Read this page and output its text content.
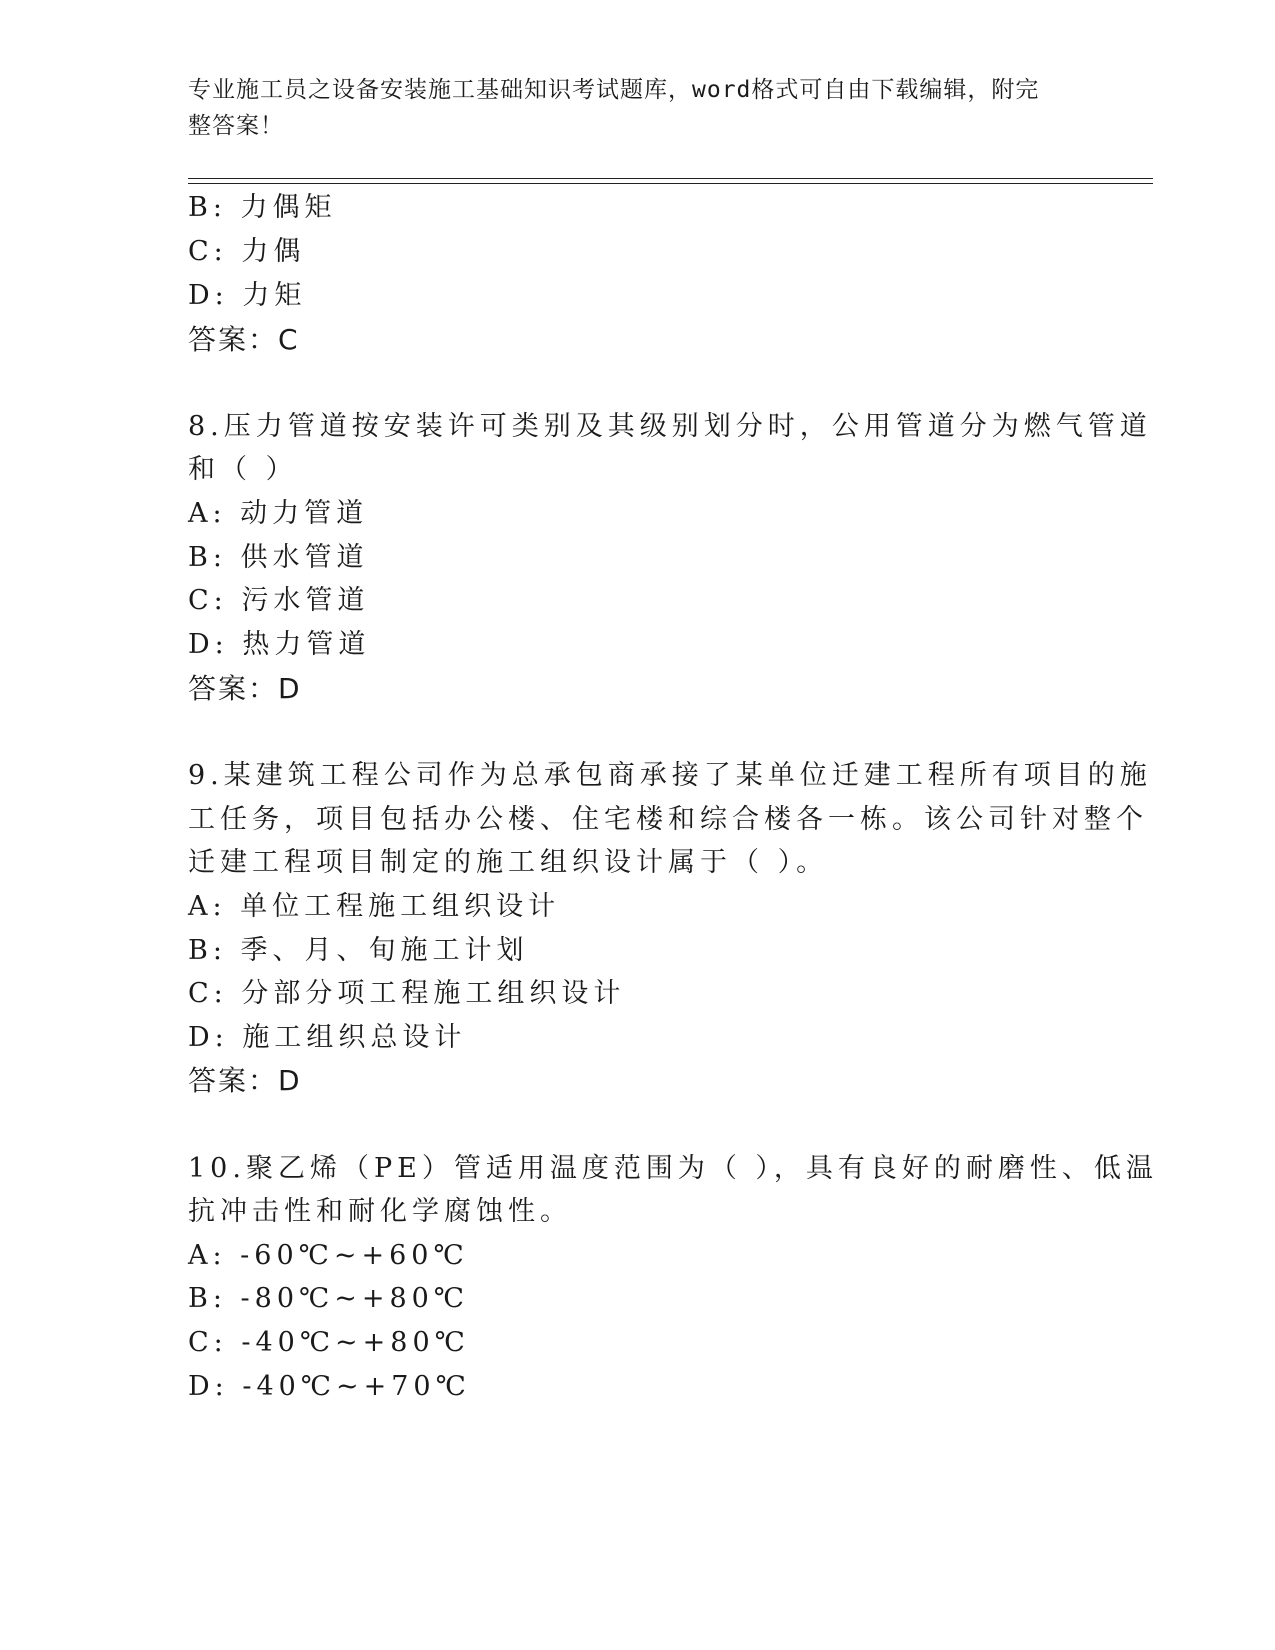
专业施工员之设备安装施工基础知识考试题库，word格式可自由下载编辑，附完
整答案！
B: 力偶矩
C: 力偶
D: 力矩
答案：C
8.压力管道按安装许可类别及其级别划分时，公用管道分为燃气管道
和（ ）
A: 动力管道
B: 供水管道
C: 污水管道
D: 热力管道
答案：D
9.某建筑工程公司作为总承包商承接了某单位迁建工程所有项目的施
工任务，项目包括办公楼、住宅楼和综合楼各一栋。该公司针对整个
迁建工程项目制定的施工组织设计属于（ ）。
A: 单位工程施工组织设计
B: 季、月、旬施工计划
C: 分部分项工程施工组织设计
D: 施工组织总设计
答案：D
10.聚乙烯（PE）管适用温度范围为（ ），具有良好的耐磨性、低温
抗冲击性和耐化学腐蚀性。
A: -60℃~+60℃
B: -80℃~+80℃
C: -40℃~+80℃
D: -40℃~+70℃
